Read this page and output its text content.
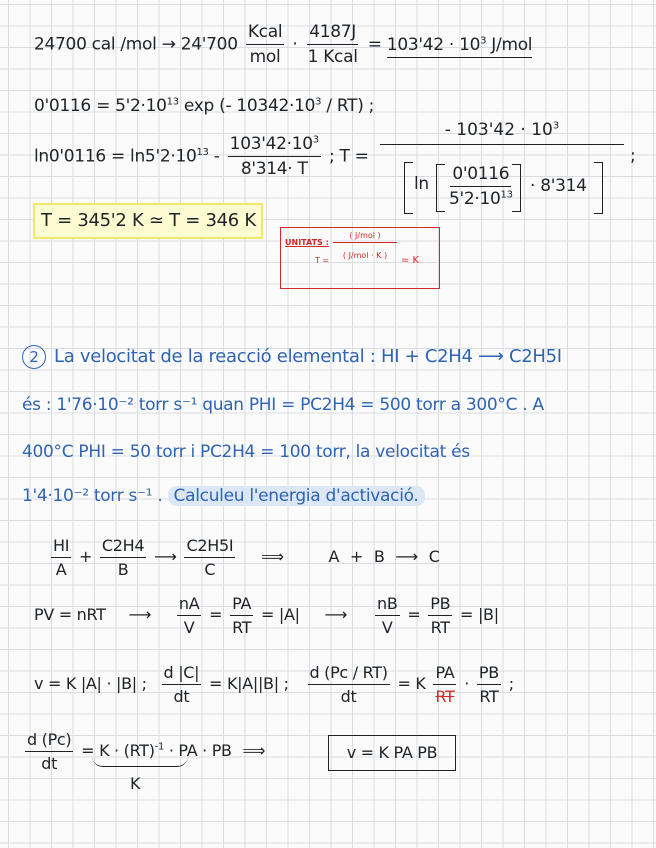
24700 cal $/mol \to 24'700 \frac{\text{Kcal}}{\text{mol}} \cdot \frac{4187J}{\text{1 Kcal}} = 103'42 \cdot 10^3$ J/mol
$0'0116 = 5'2\cdot 10^{13}$ exp (- $10342\cdot 10^3 / RT$) ;
$\ln 0'0116 = \ln 5'2\cdot 10^{13} - \frac{103'42\cdot 10^3}{8'314\cdot T}$ ; T =
- $103'42 \cdot 10^3$
$\ln \frac{0'0116}{5'2\cdot 10^{13}} \cdot 8'314$
;
T = 345'2 K ≃ T = 346 K
UNITATS :
T =
( J/mol )
( J/mol · K )	= K
2 La velocitat de la reacció elemental : HI + C2H4 ⟶ C2H5I
és : 1'76·10⁻² torr s⁻¹ quan PHI = PC2H4 = 500 torr a 300°C . A
400°C PHI = 50 torr i PC2H4 = 100 torr, la velocitat és
1'4·10⁻² torr s⁻¹ . Calculeu l'energia d'activació.
$\frac{HI}{A} + \frac{C2H4}{B}$ ⟶ $\frac{C2H5I}{C}$ ⟹	A + B ⟶ C
PV = nRT ⟶ $\frac{nA}{V} = \frac{PA}{RT} = |A|$ ⟶ $\frac{nB}{V} = \frac{PB}{RT} = |B|$
v = K |A| · |B| ; $\frac{d |C|}{dt} = K|A||B|$ ; $\frac{d (Pc / RT)}{dt} = K \frac{PA}{RT} \cdot \frac{PB}{RT}$ ;
$\frac{d (Pc)}{dt} = K \cdot (RT)^{-1}$ · PA · PB ⟹	v = K PA PB
K
